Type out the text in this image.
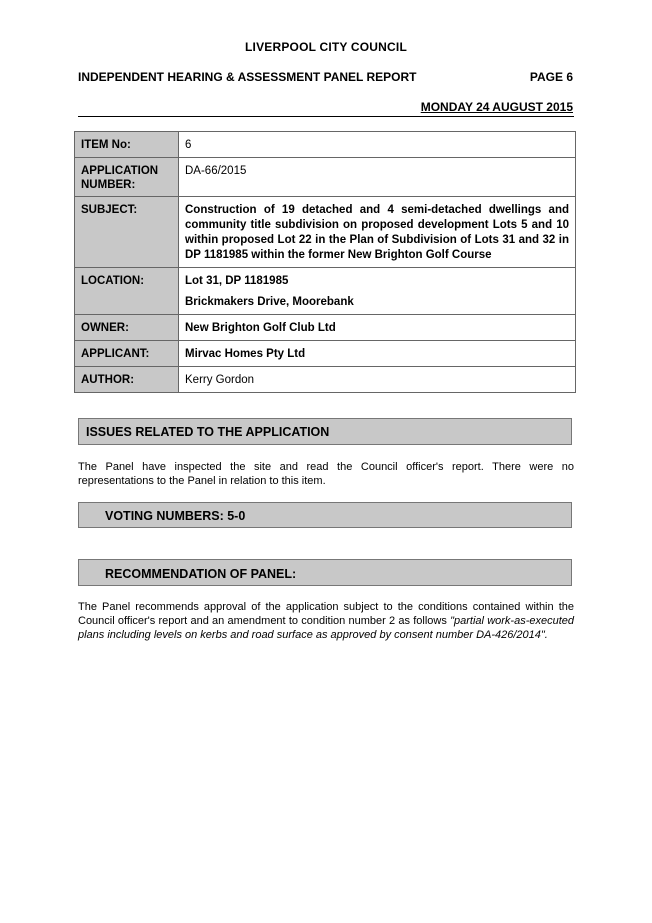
LIVERPOOL CITY COUNCIL
INDEPENDENT HEARING & ASSESSMENT PANEL REPORT	PAGE 6
MONDAY 24 AUGUST 2015
ITEM No:	6
APPLICATION NUMBER:	DA-66/2015
SUBJECT:	Construction of 19 detached and 4 semi-detached dwellings and community title subdivision on proposed development Lots 5 and 10 within proposed Lot 22 in the Plan of Subdivision of Lots 31 and 32 in DP 1181985 within the former New Brighton Golf Course
LOCATION:	Lot 31, DP 1181985
Brickmakers Drive, Moorebank

OWNER:	New Brighton Golf Club Ltd
APPLICANT:	Mirvac Homes Pty Ltd
AUTHOR:	Kerry Gordon
ISSUES RELATED TO THE APPLICATION
The Panel have inspected the site and read the Council officer's report. There were no representations to the Panel in relation to this item.
VOTING NUMBERS: 5-0
RECOMMENDATION OF PANEL:
The Panel recommends approval of the application subject to the conditions contained within the Council officer's report and an amendment to condition number 2 as follows "partial work-as-executed plans including levels on kerbs and road surface as approved by consent number DA-426/2014".
